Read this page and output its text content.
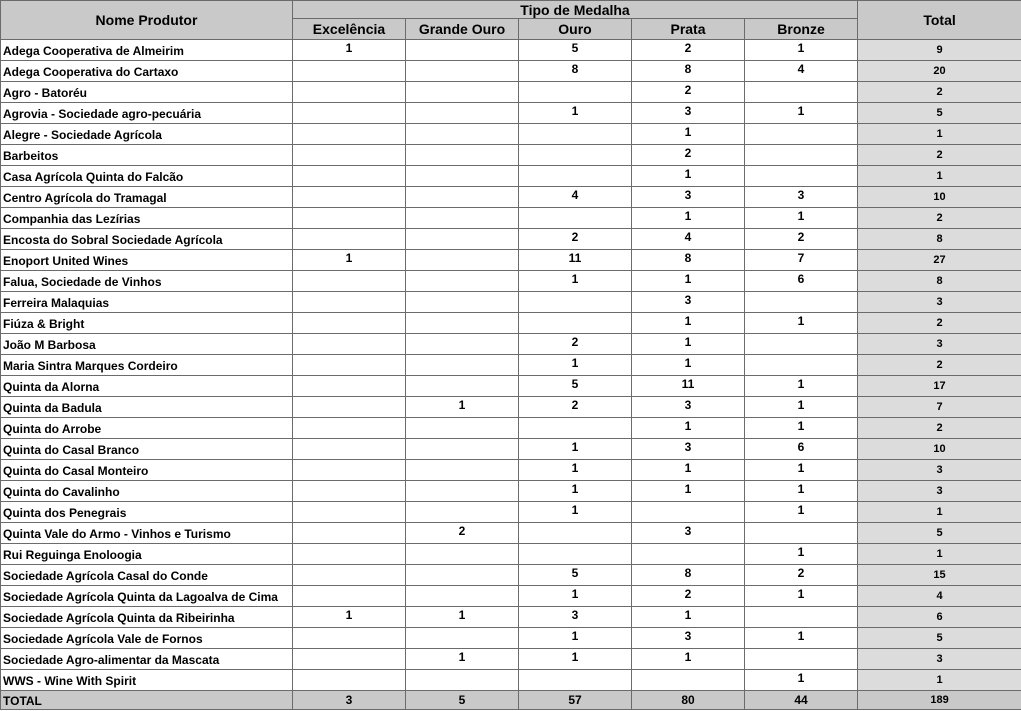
Nome Produtor	Tipo de Medalha					Total
	Excelência	Grande Ouro	Ouro	Prata	Bronze	
Adega Cooperativa de Almeirim	1		5	2	1	9
Adega Cooperativa do Cartaxo			8	8	4	20
Agro - Batoréu				2		2
Agrovia - Sociedade agro-pecuária			1	3	1	5
Alegre - Sociedade Agrícola				1		1
Barbeitos				2		2
Casa Agrícola Quinta do Falcão				1		1
Centro Agrícola do Tramagal			4	3	3	10
Companhia das Lezírias				1	1	2
Encosta do Sobral Sociedade Agrícola			2	4	2	8
Enoport United Wines	1		11	8	7	27
Falua, Sociedade de Vinhos			1	1	6	8
Ferreira Malaquias				3		3
Fiúza & Bright				1	1	2
João M Barbosa			2	1		3
Maria Sintra Marques Cordeiro			1	1		2
Quinta da Alorna			5	11	1	17
Quinta da Badula		1	2	3	1	7
Quinta do Arrobe				1	1	2
Quinta do Casal Branco			1	3	6	10
Quinta do Casal Monteiro			1	1	1	3
Quinta do Cavalinho			1	1	1	3
Quinta dos Penegrais			1		1	1
Quinta Vale do Armo - Vinhos e Turismo		2		3		5
Rui Reguinga Enoloogia					1	1
Sociedade Agrícola Casal do Conde			5	8	2	15
Sociedade Agrícola Quinta da Lagoalva de Cima			1	2	1	4
Sociedade Agrícola Quinta da Ribeirinha	1	1	3	1		6
Sociedade Agrícola Vale de Fornos			1	3	1	5
Sociedade Agro-alimentar da Mascata		1	1	1		3
WWS - Wine With Spirit					1	1
TOTAL	3	5	57	80	44	189
